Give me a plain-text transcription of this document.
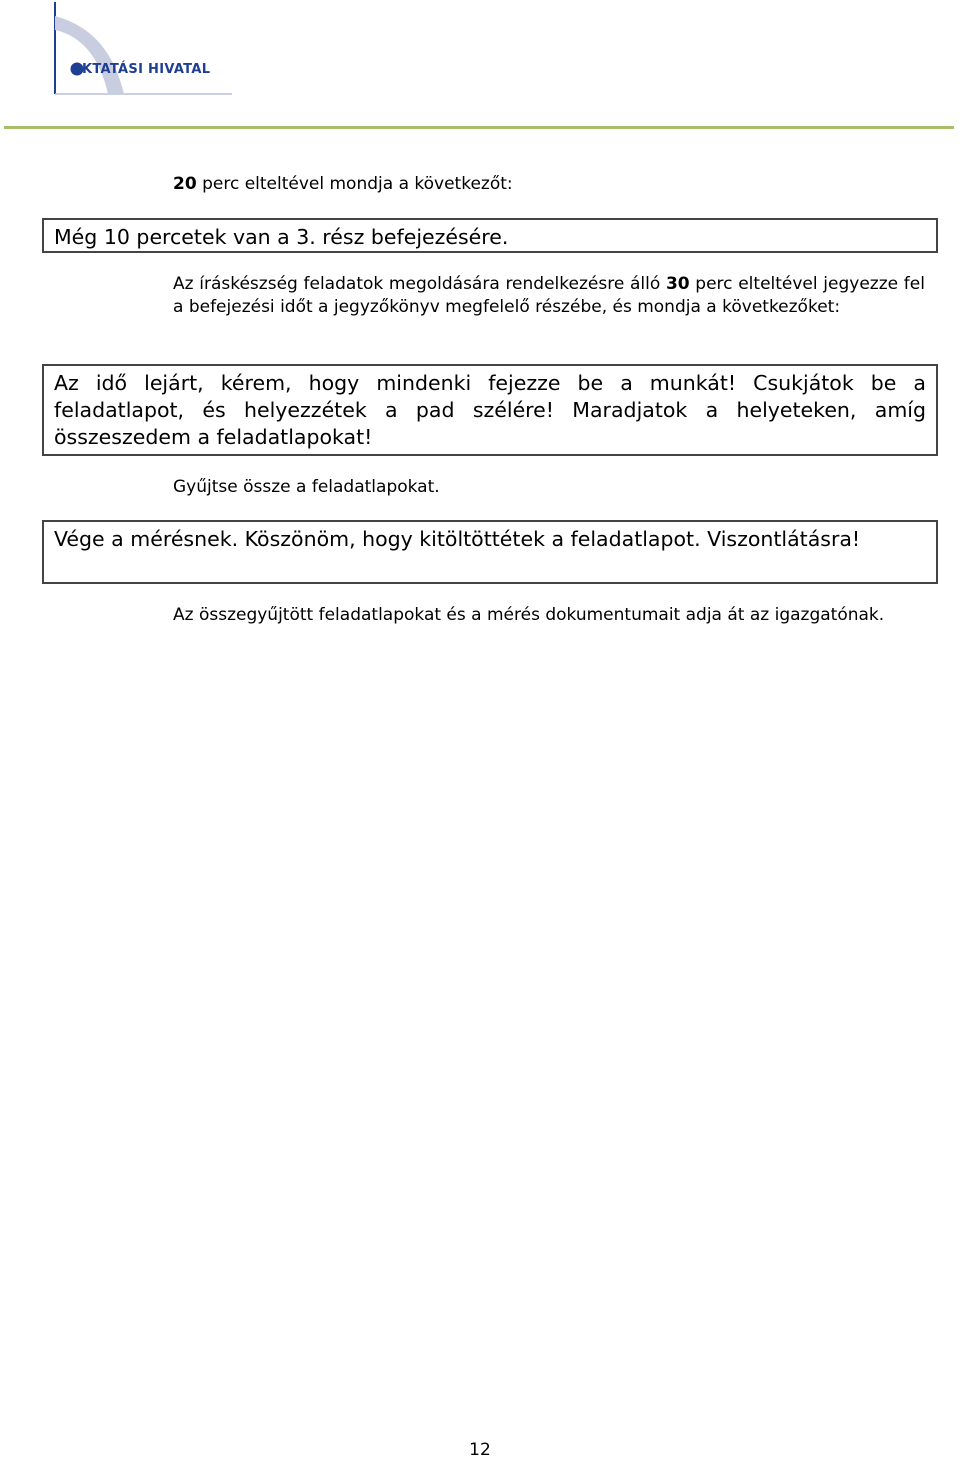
KTATÁSI HIVATAL

20 perc elteltével mondja a következőt:

Még 10 percetek van a 3. rész befejezésére.

Az íráskészség feladatok megoldására rendelkezésre álló 30 perc elteltével jegyezze fel a befejezési időt a jegyzőkönyv megfelelő részébe, és mondja a következőket:

Az idő lejárt, kérem, hogy mindenki fejezze be a munkát! Csukjátok be a feladatlapot, és helyezzétek a pad szélére! Maradjatok a helyeteken, amíg összeszedem a feladatlapokat!

Gyűjtse össze a feladatlapokat.

Vége a mérésnek. Köszönöm, hogy kitöltöttétek a feladatlapot. Viszontlátásra!

Az összegyűjtött feladatlapokat és a mérés dokumentumait adja át az igazgatónak.

12
